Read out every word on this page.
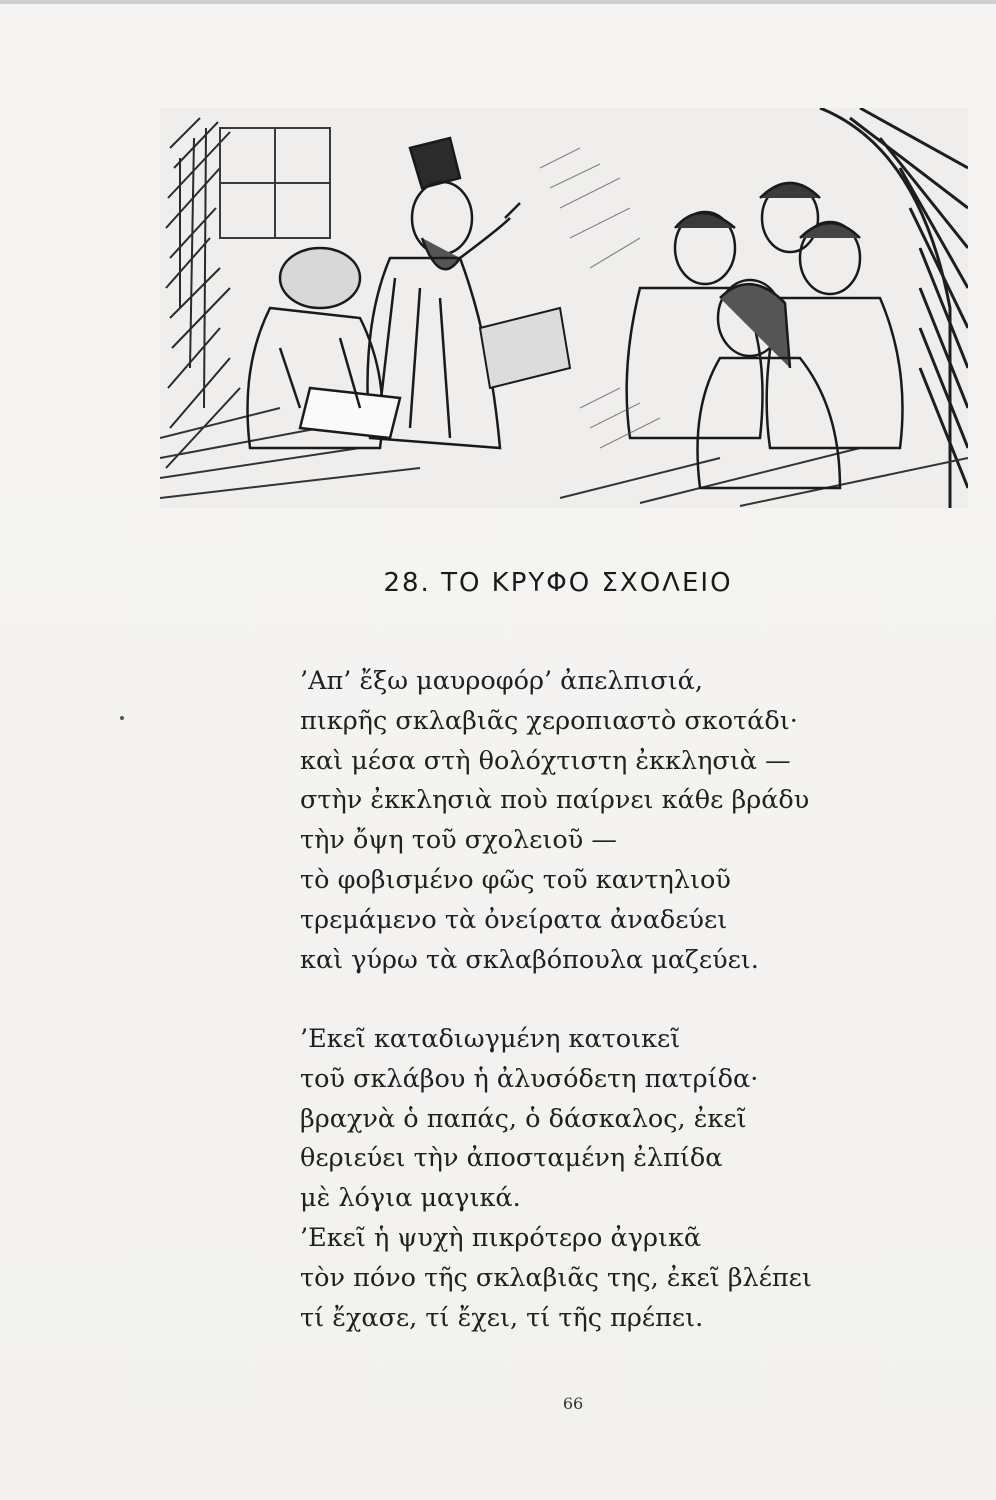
28. ΤΟ ΚΡΥΦΟ ΣΧΟΛΕΙΟ
’Απ’ ἔξω μαυροφόρ’ ἀπελπισιά,
πικρῆς σκλαβιᾶς χεροπιαστὸ σκοτάδι·
καὶ μέσα στὴ θολόχτιστη ἐκκλησιὰ —
στὴν ἐκκλησιὰ ποὺ παίρνει κάθε βράδυ
τὴν ὄψη τοῦ σχολειοῦ —
τὸ φοβισμένο φῶς τοῦ καντηλιοῦ
τρεμάμενο τὰ ὀνείρατα ἀναδεύει
καὶ γύρω τὰ σκλαβόπουλα μαζεύει.
’Εκεῖ καταδιωγμένη κατοικεῖ
τοῦ σκλάβου ἡ ἀλυσόδετη πατρίδα·
βραχνὰ ὁ παπάς, ὁ δάσκαλος, ἐκεῖ
θεριεύει τὴν ἀποσταμένη ἐλπίδα
μὲ λόγια μαγικά.
’Εκεῖ ἡ ψυχὴ πικρότερο ἀγρικᾶ
τὸν πόνο τῆς σκλαβιᾶς της, ἐκεῖ βλέπει
τί ἔχασε, τί ἔχει, τί τῆς πρέπει.
66
